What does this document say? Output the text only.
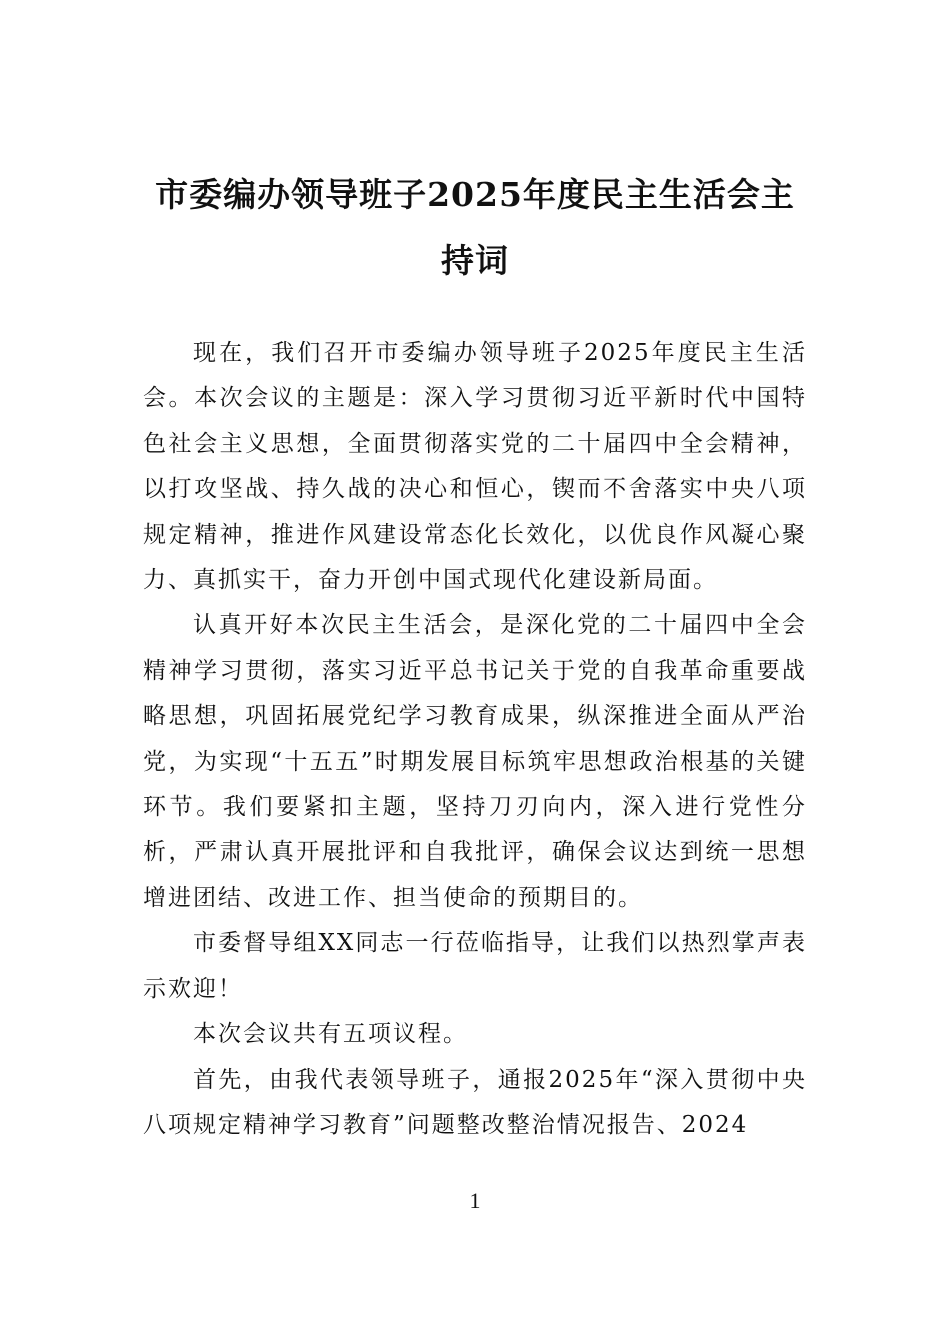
市委编办领导班子2025年度民主生活会主
持词

现在，我们召开市委编办领导班子2025年度民主生活会。本次会议的主题是：深入学习贯彻习近平新时代中国特色社会主义思想，全面贯彻落实党的二十届四中全会精神，以打攻坚战、持久战的决心和恒心，锲而不舍落实中央八项规定精神，推进作风建设常态化长效化，以优良作风凝心聚力、真抓实干，奋力开创中国式现代化建设新局面。

认真开好本次民主生活会，是深化党的二十届四中全会精神学习贯彻，落实习近平总书记关于党的自我革命重要战略思想，巩固拓展党纪学习教育成果，纵深推进全面从严治党，为实现“十五五”时期发展目标筑牢思想政治根基的关键环节。我们要紧扣主题，坚持刀刃向内，深入进行党性分析，严肃认真开展批评和自我批评，确保会议达到统一思想增进团结、改进工作、担当使命的预期目的。

市委督导组XX同志一行莅临指导，让我们以热烈掌声表示欢迎！

本次会议共有五项议程。

首先，由我代表领导班子，通报2025年“深入贯彻中央八项规定精神学习教育”问题整改整治情况报告、2024

1
